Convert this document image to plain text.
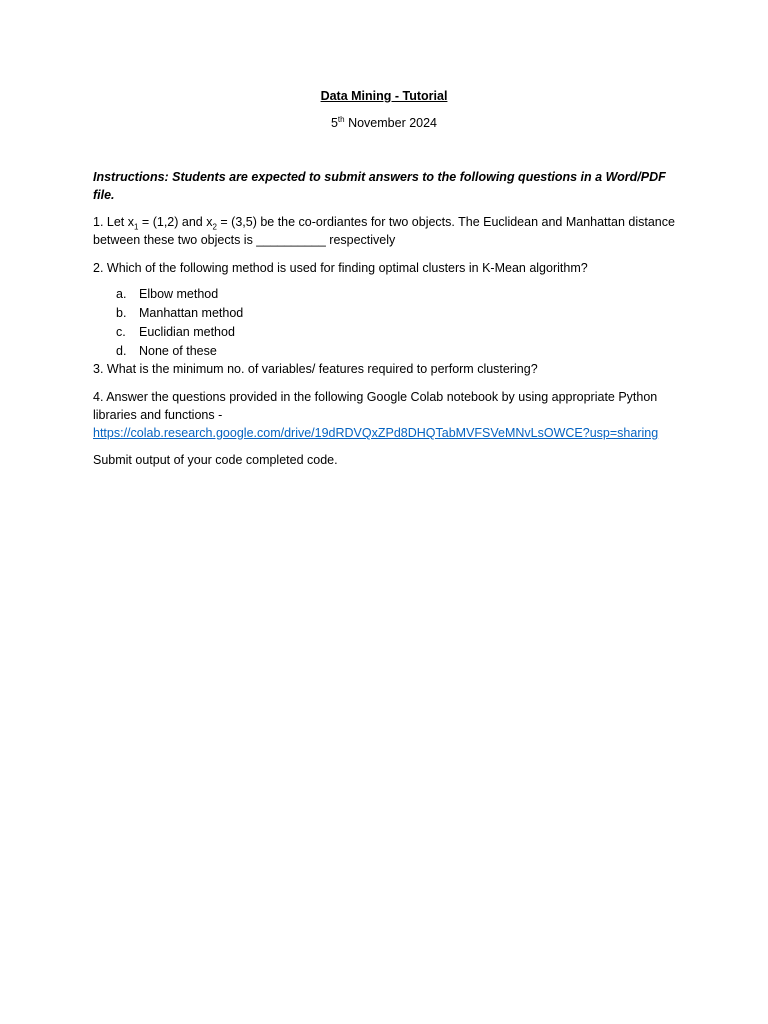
Data Mining - Tutorial
5th November 2024
Instructions: Students are expected to submit answers to the following questions in a Word/PDF file.
1. Let $x_1 = (1,2)$ and $x_2 = (3,5)$ be the co-ordiantes for two objects. The Euclidean and Manhattan distance between these two objects is __________ respectively
2. Which of the following method is used for finding optimal clusters in K-Mean algorithm?
a.	Elbow method
b.	Manhattan method
c.	Euclidian method
d.	None of these
3. What is the minimum no. of variables/ features required to perform clustering?
4. Answer the questions provided in the following Google Colab notebook by using appropriate Python libraries and functions -
https://colab.research.google.com/drive/19dRDVQxZPd8DHQTabMVFSVeMNvLsOWCE?usp=sharing
Submit output of your code completed code.
